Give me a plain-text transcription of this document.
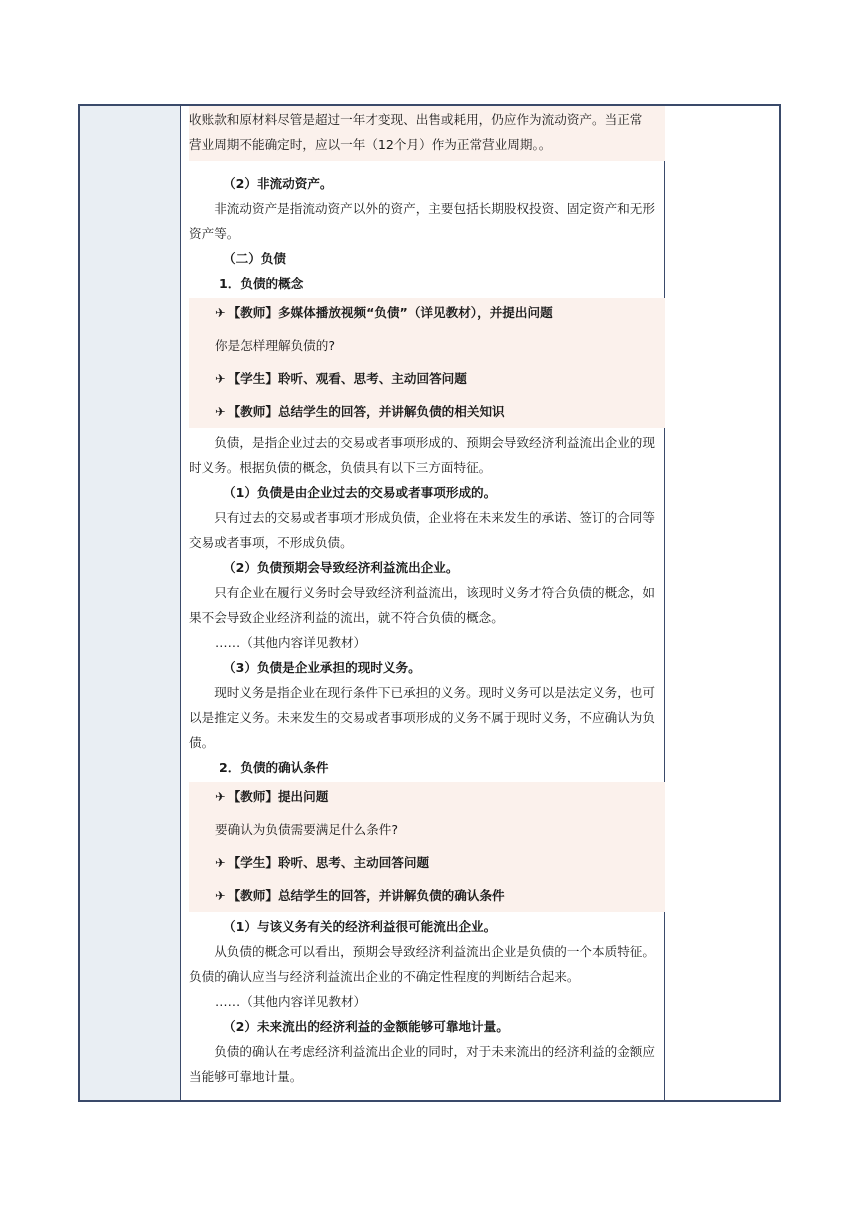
收账款和原材料尽管是超过一年才变现、出售或耗用，仍应作为流动资产。当正常

营业周期不能确定时，应以一年（12个月）作为正常营业周期。。

（2）非流动资产。

非流动资产是指流动资产以外的资产，主要包括长期股权投资、固定资产和无形资产等。

（二）负债

1．负债的概念

✈ 【教师】多媒体播放视频“负债”（详见教材），并提出问题

你是怎样理解负债的?

✈ 【学生】聆听、观看、思考、主动回答问题

✈ 【教师】总结学生的回答，并讲解负债的相关知识

负债，是指企业过去的交易或者事项形成的、预期会导致经济利益流出企业的现时义务。根据负债的概念，负债具有以下三方面特征。

（1）负债是由企业过去的交易或者事项形成的。

只有过去的交易或者事项才形成负债，企业将在未来发生的承诺、签订的合同等交易或者事项，不形成负债。

（2）负债预期会导致经济利益流出企业。

只有企业在履行义务时会导致经济利益流出，该现时义务才符合负债的概念，如果不会导致企业经济利益的流出，就不符合负债的概念。

……（其他内容详见教材）

（3）负债是企业承担的现时义务。

现时义务是指企业在现行条件下已承担的义务。现时义务可以是法定义务，也可以是推定义务。未来发生的交易或者事项形成的义务不属于现时义务，不应确认为负债。

2．负债的确认条件

✈ 【教师】提出问题

要确认为负债需要满足什么条件?

✈ 【学生】聆听、思考、主动回答问题

✈ 【教师】总结学生的回答，并讲解负债的确认条件

（1）与该义务有关的经济利益很可能流出企业。

从负债的概念可以看出，预期会导致经济利益流出企业是负债的一个本质特征。负债的确认应当与经济利益流出企业的不确定性程度的判断结合起来。

……（其他内容详见教材）

（2）未来流出的经济利益的金额能够可靠地计量。

负债的确认在考虑经济利益流出企业的同时，对于未来流出的经济利益的金额应当能够可靠地计量。
